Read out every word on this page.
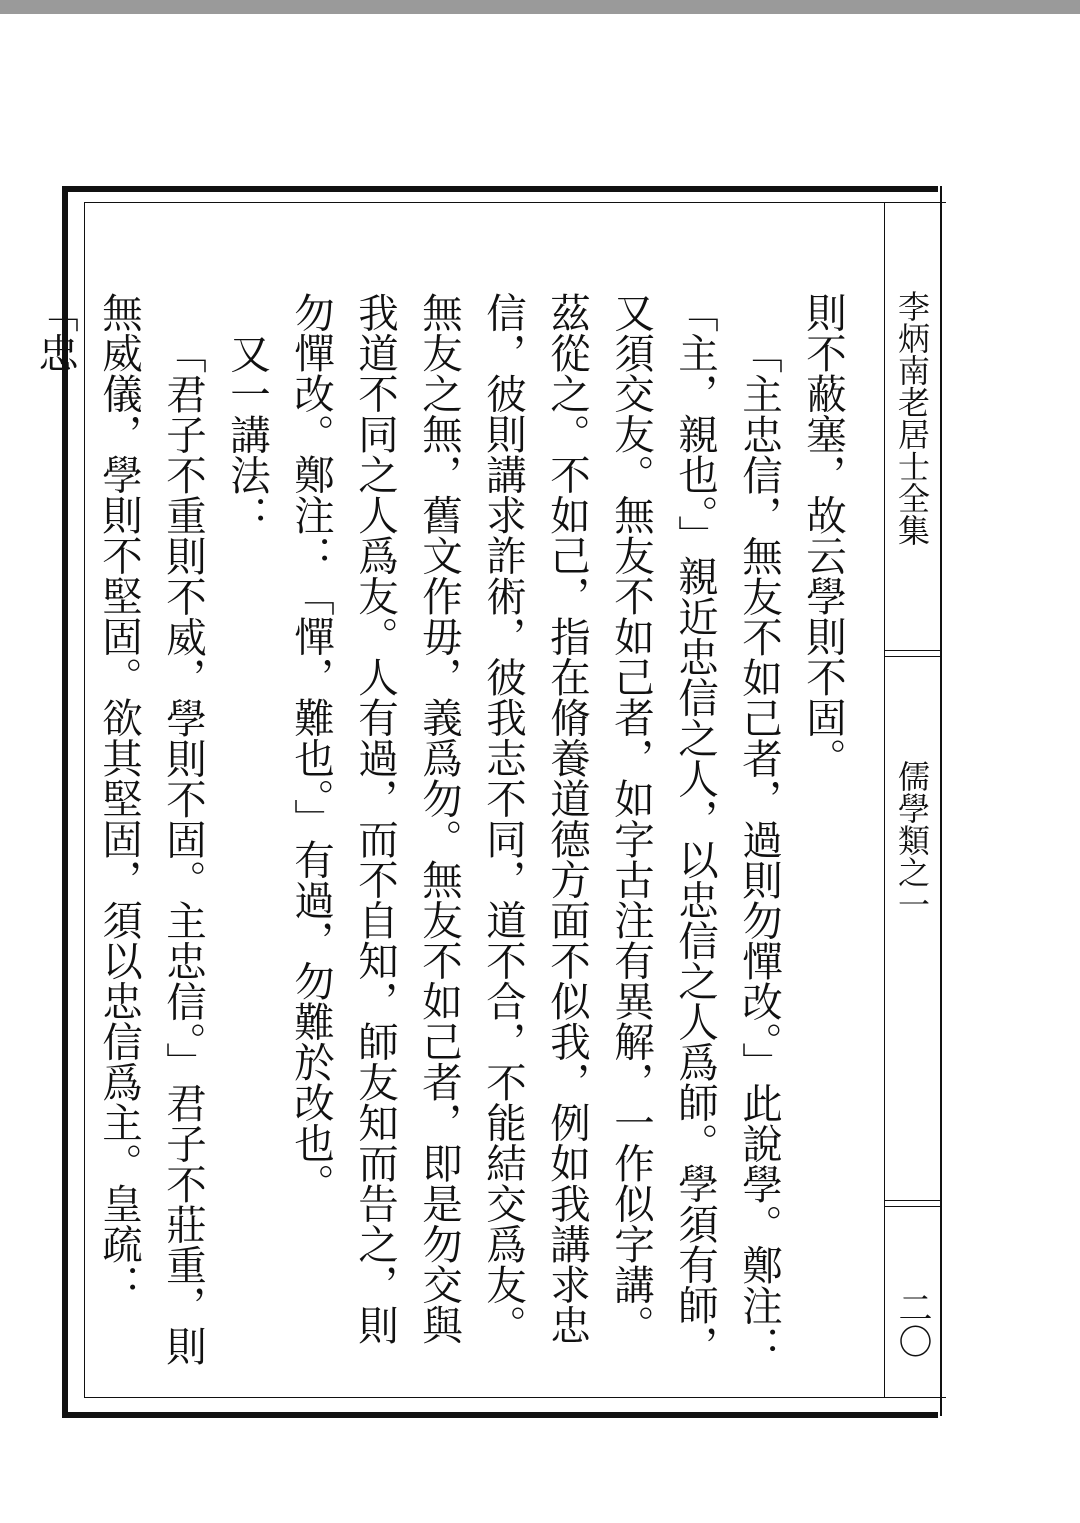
李炳南老居士全集
儒學類之一
二〇

則不蔽塞，故云學則不固。

「主忠信，無友不如己者，過則勿憚改。」此說學。鄭注：「主，親也。」親近忠信之人，以忠信之人爲師。學須有師，又須交友。無友不如己者，如字古注有異解，一作似字講。茲從之。不如己，指在脩養道德方面不似我，例如我講求忠信，彼則講求詐術，彼我志不同，道不合，不能結交爲友。無友之無，舊文作毋，義爲勿。無友不如己者，即是勿交與我道不同之人爲友。人有過，而不自知，師友知而告之，則勿憚改。鄭注：「憚，難也。」有過，勿難於改也。

又一講法：

「君子不重則不威，學則不固。主忠信。」君子不莊重，則無威儀，學則不堅固。欲其堅固，須以忠信爲主。皇疏：「忠
